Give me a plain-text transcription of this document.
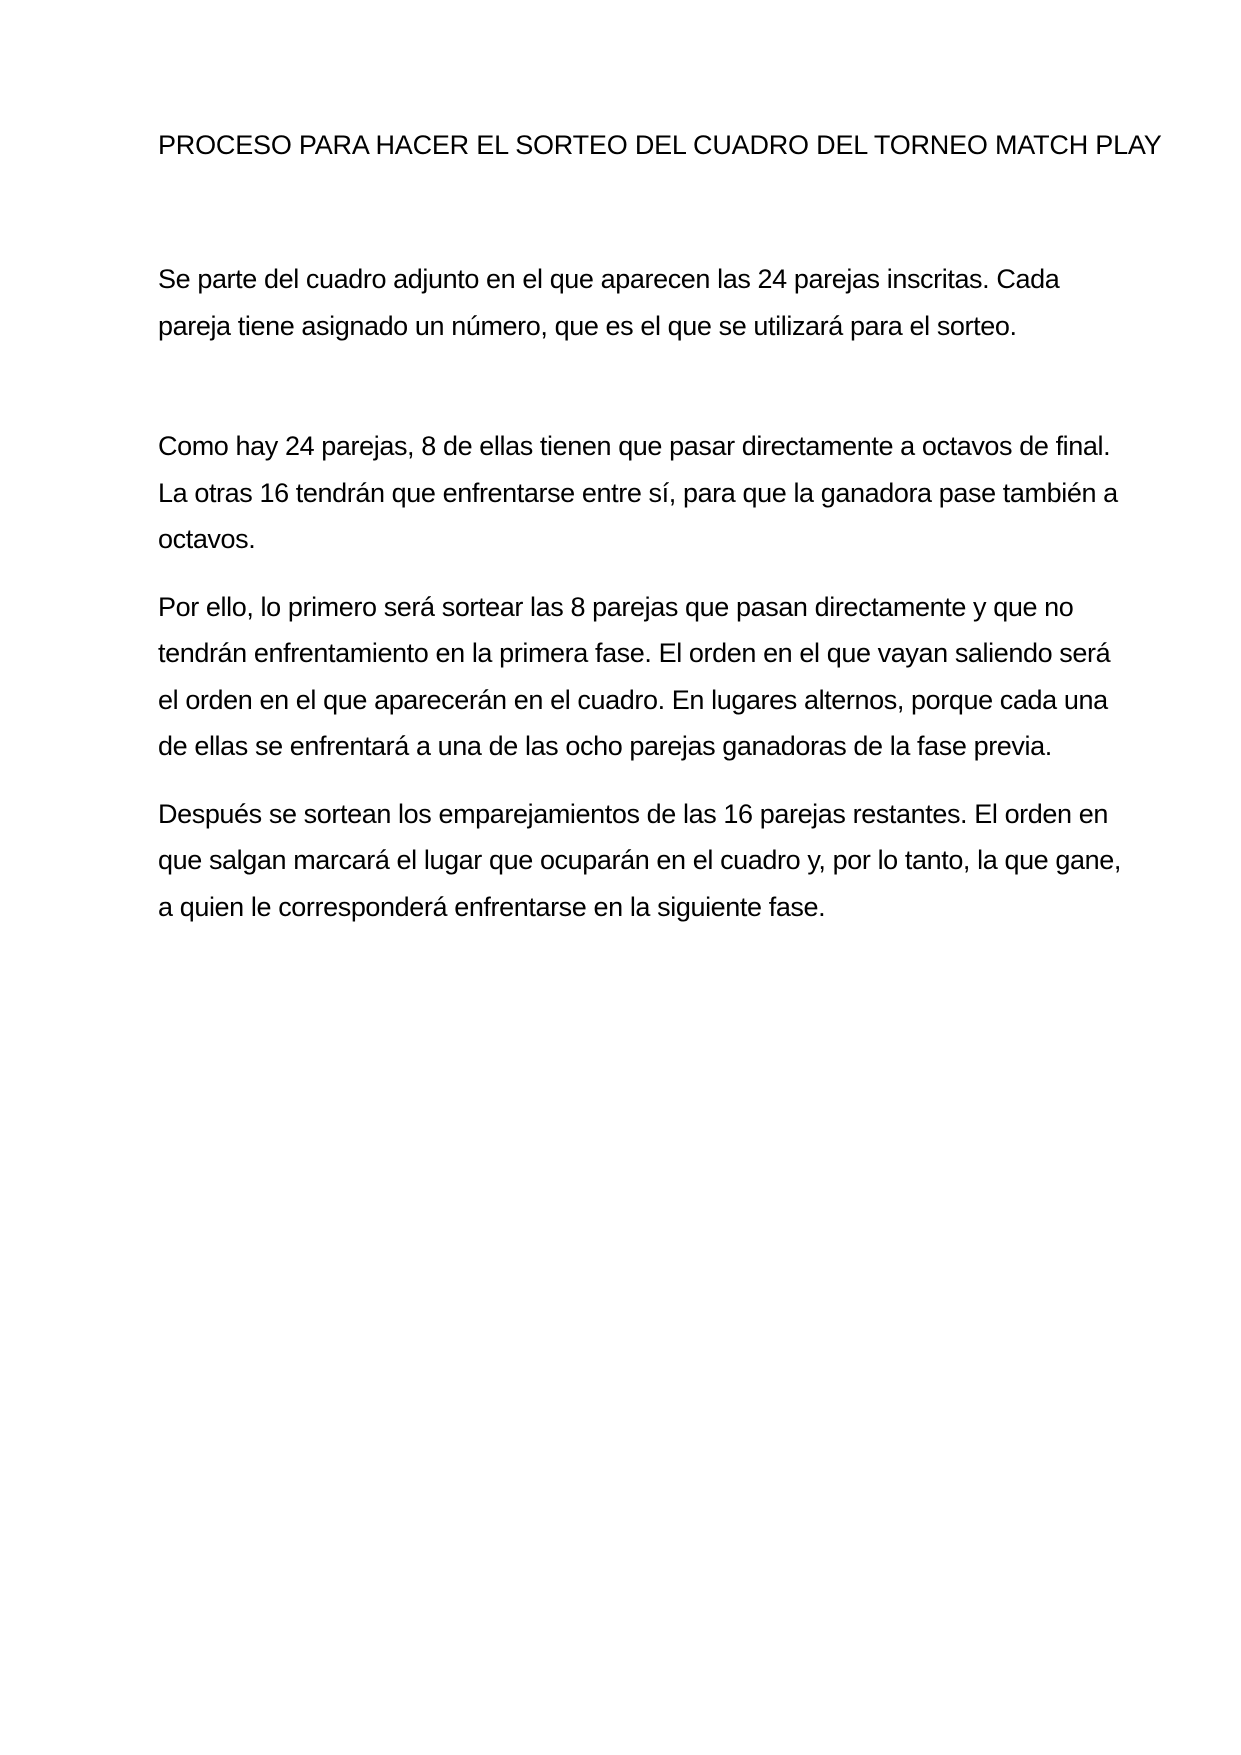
PROCESO PARA HACER EL SORTEO DEL CUADRO DEL TORNEO MATCH PLAY

Se parte del cuadro adjunto en el que aparecen las 24 parejas inscritas. Cada pareja tiene asignado un número, que es el que se utilizará para el sorteo.

Como hay 24 parejas, 8 de ellas tienen que pasar directamente a octavos de final. La otras 16 tendrán que enfrentarse entre sí, para que la ganadora pase también a octavos.

Por ello, lo primero será sortear las 8 parejas que pasan directamente y que no tendrán enfrentamiento en la primera fase. El orden en el que vayan saliendo será el orden en el que aparecerán en el cuadro. En lugares alternos, porque cada una de ellas se enfrentará a una de las ocho parejas ganadoras de la fase previa.

Después se sortean los emparejamientos de las 16 parejas restantes. El orden en que salgan marcará el lugar que ocuparán en el cuadro y, por lo tanto, la que gane, a quien le corresponderá enfrentarse en la siguiente fase.
